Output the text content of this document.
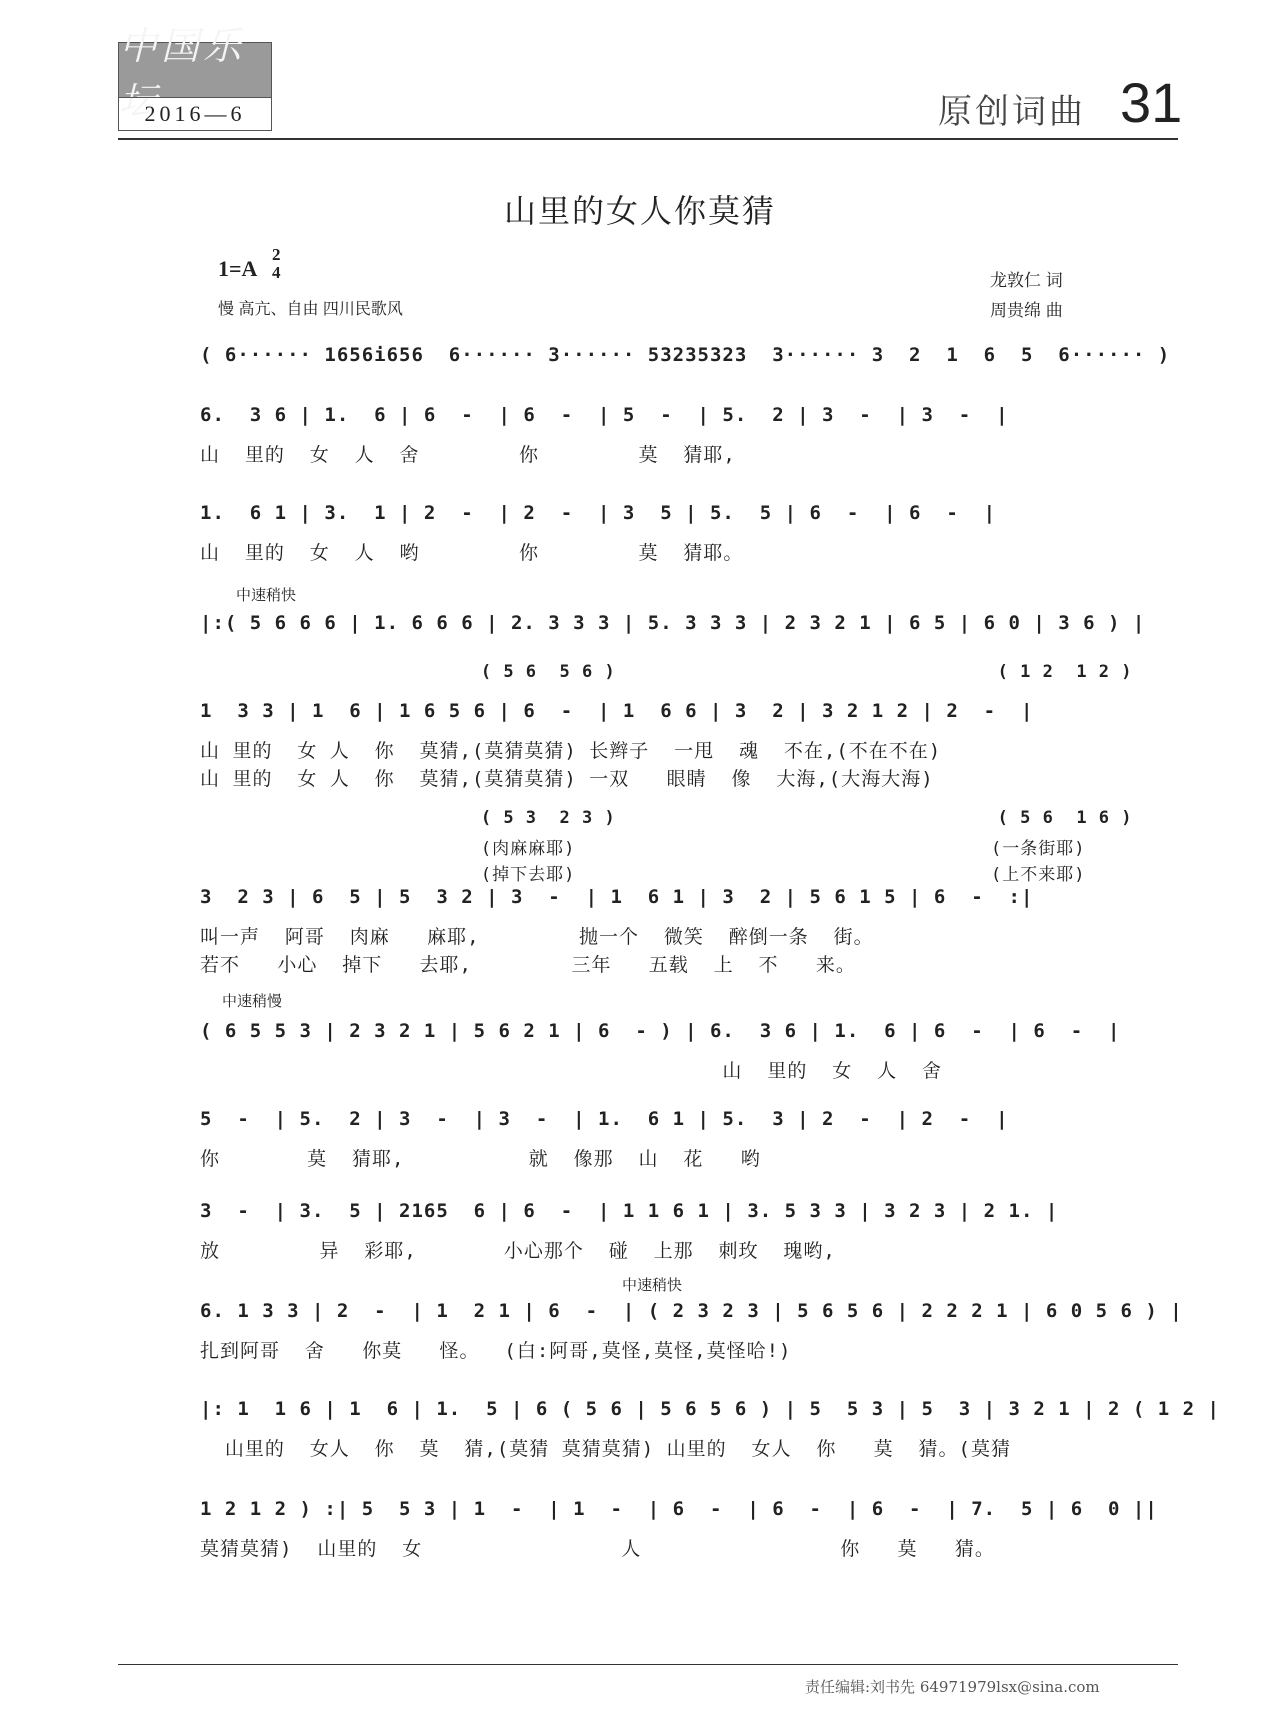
中国乐坛
2016—6	原创词曲 31
山里的女人你莫猜
1=A
2
4
慢 高亢、自由 四川民歌风
龙敦仁 词
周贵绵 曲
( 6······ 1656i656  6······ 3······ 53235323  3······ 3  2  1  6  5  6······ )
6.  3 6 | 1.  6 | 6  -  | 6  -  | 5  -  | 5.  2 | 3  -  | 3  -  |
山  里的  女  人  舍        你        莫  猜耶,
1.  6 1 | 3.  1 | 2  -  | 2  -  | 3  5 | 5.  5 | 6  -  | 6  -  |
山  里的  女  人  哟        你        莫  猜耶。
中速稍快
|:( 5 6 6 6 | 1. 6 6 6 | 2. 3 3 3 | 5. 3 3 3 | 2 3 2 1 | 6 5 | 6 0 | 3 6 ) |
( 5 6  5 6 )                                  ( 1 2  1 2 )
1  3 3 | 1  6 | 1 6 5 6 | 6  -  | 1  6 6 | 3  2 | 3 2 1 2 | 2  -  |
山 里的  女 人  你  莫猜,(莫猜莫猜) 长辫子  一甩  魂  不在,(不在不在)
山 里的  女 人  你  莫猜,(莫猜莫猜) 一双   眼睛  像  大海,(大海大海)
( 5 3  2 3 )                                  ( 5 6  1 6 )
(肉麻麻耶)                                     (一条街耶)
(掉下去耶)                                     (上不来耶)
3  2 3 | 6  5 | 5  3 2 | 3  -  | 1  6 1 | 3  2 | 5 6 1 5 | 6  -  :|
叫一声  阿哥  肉麻   麻耶,        抛一个  微笑  醉倒一条  街。
若不   小心  掉下   去耶,        三年   五载  上  不   来。
中速稍慢
( 6 5 5 3 | 2 3 2 1 | 5 6 2 1 | 6  - ) | 6.  3 6 | 1.  6 | 6  -  | 6  -  |
山  里的  女  人  舍
5  -  | 5.  2 | 3  -  | 3  -  | 1.  6 1 | 5.  3 | 2  -  | 2  -  |
你       莫  猜耶,          就  像那  山  花   哟
3  -  | 3.  5 | 2165  6 | 6  -  | 1 1 6 1 | 3. 5 3 3 | 3 2 3 | 2 1. |
放        异  彩耶,       小心那个  碰  上那  刺玫  瑰哟,
中速稍快
6. 1 3 3 | 2  -  | 1  2 1 | 6  -  | ( 2 3 2 3 | 5 6 5 6 | 2 2 2 1 | 6 0 5 6 ) |
扎到阿哥  舍   你莫   怪。  (白:阿哥,莫怪,莫怪,莫怪哈!)
|: 1  1 6 | 1  6 | 1.  5 | 6 ( 5 6 | 5 6 5 6 ) | 5  5 3 | 5  3 | 3 2 1 | 2 ( 1 2 |
山里的  女人  你  莫  猜,(莫猜 莫猜莫猜) 山里的  女人  你   莫  猜。(莫猜
1 2 1 2 ) :| 5  5 3 | 1  -  | 1  -  | 6  -  | 6  -  | 6  -  | 7.  5 | 6  0 ||
莫猜莫猜)  山里的  女                人                你   莫   猜。
责任编辑:刘书先 64971979lsx@sina.com
